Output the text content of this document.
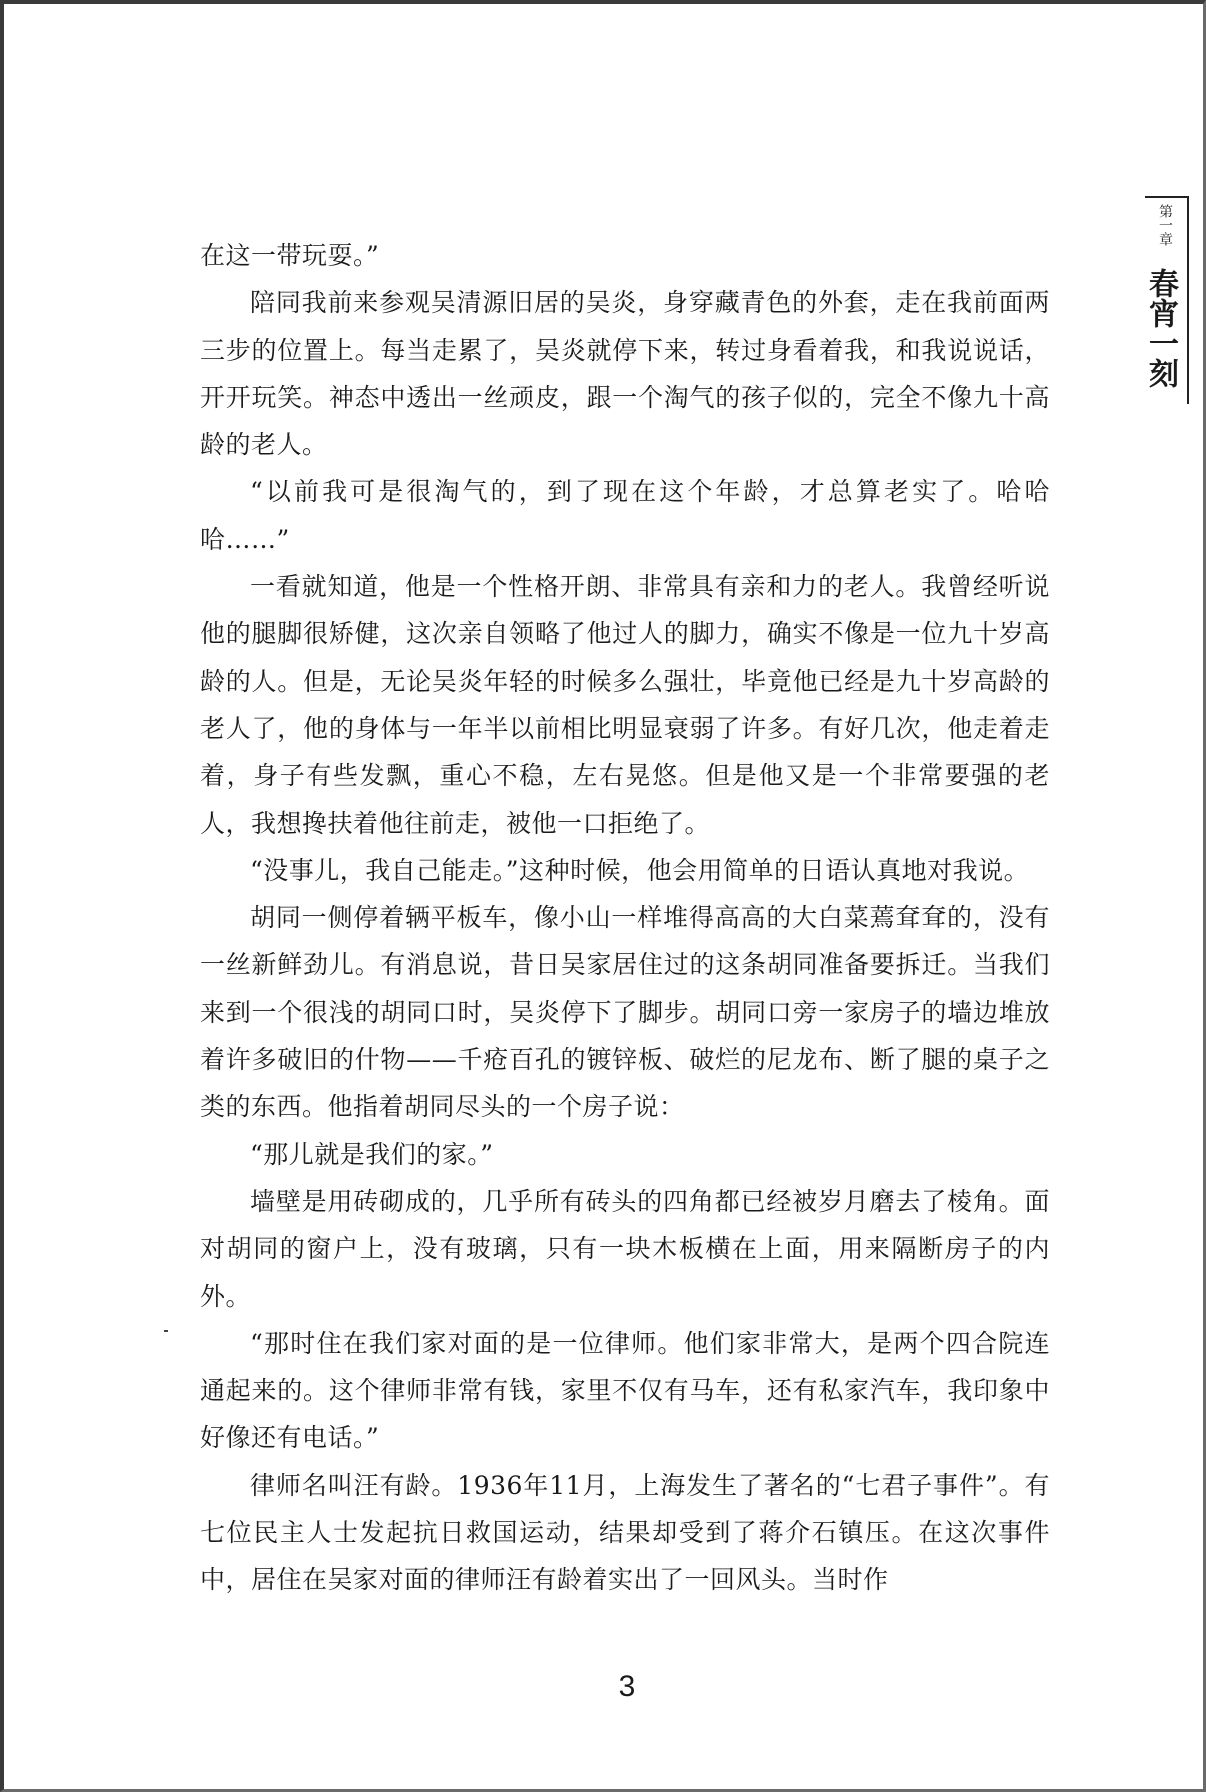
第一章
春宵一刻

在这一带玩耍。”

陪同我前来参观吴清源旧居的吴炎，身穿藏青色的外套，走在我前面两三步的位置上。每当走累了，吴炎就停下来，转过身看着我，和我说说话，开开玩笑。神态中透出一丝顽皮，跟一个淘气的孩子似的，完全不像九十高龄的老人。

“以前我可是很淘气的，到了现在这个年龄，才总算老实了。哈哈哈……”

一看就知道，他是一个性格开朗、非常具有亲和力的老人。我曾经听说他的腿脚很矫健，这次亲自领略了他过人的脚力，确实不像是一位九十岁高龄的人。但是，无论吴炎年轻的时候多么强壮，毕竟他已经是九十岁高龄的老人了，他的身体与一年半以前相比明显衰弱了许多。有好几次，他走着走着，身子有些发飘，重心不稳，左右晃悠。但是他又是一个非常要强的老人，我想搀扶着他往前走，被他一口拒绝了。

“没事儿，我自己能走。”这种时候，他会用简单的日语认真地对我说。

胡同一侧停着辆平板车，像小山一样堆得高高的大白菜蔫耷耷的，没有一丝新鲜劲儿。有消息说，昔日吴家居住过的这条胡同准备要拆迁。当我们来到一个很浅的胡同口时，吴炎停下了脚步。胡同口旁一家房子的墙边堆放着许多破旧的什物——千疮百孔的镀锌板、破烂的尼龙布、断了腿的桌子之类的东西。他指着胡同尽头的一个房子说：

“那儿就是我们的家。”

墙壁是用砖砌成的，几乎所有砖头的四角都已经被岁月磨去了棱角。面对胡同的窗户上，没有玻璃，只有一块木板横在上面，用来隔断房子的内外。

“那时住在我们家对面的是一位律师。他们家非常大，是两个四合院连通起来的。这个律师非常有钱，家里不仅有马车，还有私家汽车，我印象中好像还有电话。”

律师名叫汪有龄。1936年11月，上海发生了著名的“七君子事件”。有七位民主人士发起抗日救国运动，结果却受到了蒋介石镇压。在这次事件中，居住在吴家对面的律师汪有龄着实出了一回风头。当时作

3
